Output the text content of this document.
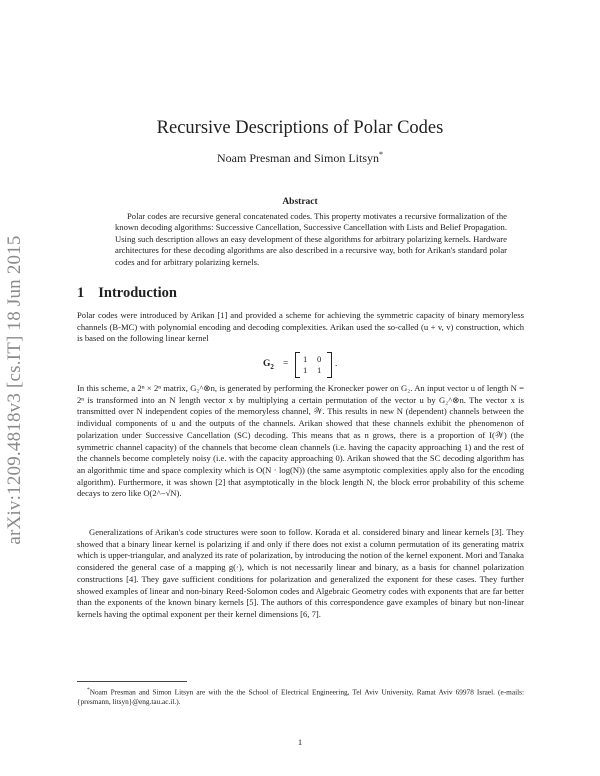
arXiv:1209.4818v3 [cs.IT] 18 Jun 2015
Recursive Descriptions of Polar Codes
Noam Presman and Simon Litsyn*
Abstract
Polar codes are recursive general concatenated codes. This property motivates a recursive formalization of the known decoding algorithms: Successive Cancellation, Successive Cancellation with Lists and Belief Propagation. Using such description allows an easy development of these algorithms for arbitrary polarizing kernels. Hardware architectures for these decoding algorithms are also described in a recursive way, both for Arikan's standard polar codes and for arbitrary polarizing kernels.
1 Introduction
Polar codes were introduced by Arikan [1] and provided a scheme for achieving the symmetric capacity of binary memoryless channels (B-MC) with polynomial encoding and decoding complexities. Arikan used the so-called (u + v, v) construction, which is based on the following linear kernel
$G_2 = 1$ 0
1 1
.
In this scheme, a 2ⁿ × 2ⁿ matrix, G₂^⊗n, is generated by performing the Kronecker power on G₂. An input vector u of length N = 2ⁿ is transformed into an N length vector x by multiplying a certain permutation of the vector u by G₂^⊗n. The vector x is transmitted over N independent copies of the memoryless channel, 𝒲. This results in new N (dependent) channels between the individual components of u and the outputs of the channels. Arikan showed that these channels exhibit the phenomenon of polarization under Successive Cancellation (SC) decoding. This means that as n grows, there is a proportion of I(𝒲) (the symmetric channel capacity) of the channels that become clean channels (i.e. having the capacity approaching 1) and the rest of the channels become completely noisy (i.e. with the capacity approaching 0). Arikan showed that the SC decoding algorithm has an algorithmic time and space complexity which is O(N · log(N)) (the same asymptotic complexities apply also for the encoding algorithm). Furthermore, it was shown [2] that asymptotically in the block length N, the block error probability of this scheme decays to zero like O(2^−√N).
Generalizations of Arikan's code structures were soon to follow. Korada et al. considered binary and linear kernels [3]. They showed that a binary linear kernel is polarizing if and only if there does not exist a column permutation of its generating matrix which is upper-triangular, and analyzed its rate of polarization, by introducing the notion of the kernel exponent. Mori and Tanaka considered the general case of a mapping g(·), which is not necessarily linear and binary, as a basis for channel polarization constructions [4]. They gave sufficient conditions for polarization and generalized the exponent for these cases. They further showed examples of linear and non-binary Reed-Solomon codes and Algebraic Geometry codes with exponents that are far better than the exponents of the known binary kernels [5]. The authors of this correspondence gave examples of binary but non-linear kernels having the optimal exponent per their kernel dimensions [6, 7].
*Noam Presman and Simon Litsyn are with the the School of Electrical Engineering, Tel Aviv University, Ramat Aviv 69978 Israel. (e-mails: {presmann, litsyn}@eng.tau.ac.il.).
1
